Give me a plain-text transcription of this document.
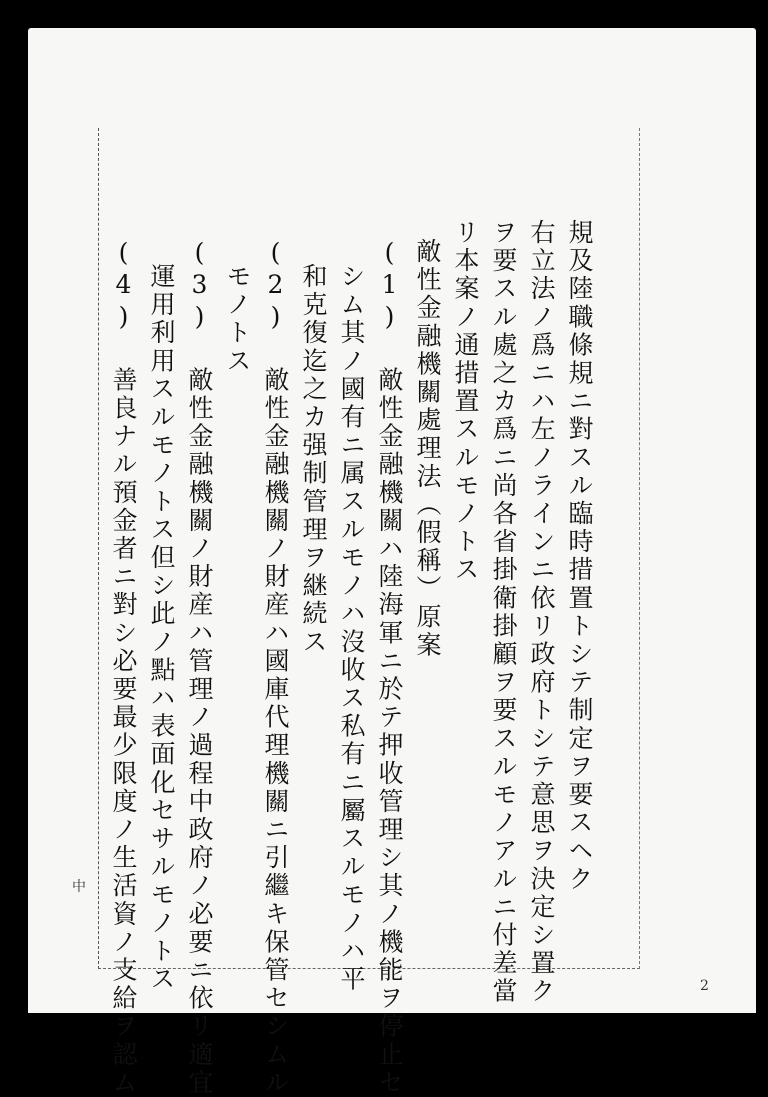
規及陸職條規ニ對スル臨時措置トシテ制定ヲ要スヘク
右立法ノ爲ニハ左ノラインニ依リ政府トシテ意思ヲ決定シ置ク
ヲ要スル處之カ爲ニ尚各省掛衛掛顧ヲ要スルモノアルニ付差當
リ本案ノ通措置スルモノトス
敵性金融機關處理法（假稱）原案
(1) 敵性金融機關ハ陸海軍ニ於テ押收管理シ其ノ機能ヲ停止セ
シム其ノ國有ニ属スルモノハ沒收ス私有ニ屬スルモノハ平
和克復迄之カ强制管理ヲ継続ス
(2) 敵性金融機關ノ財産ハ國庫代理機關ニ引繼キ保管セシムル
モノトス
(3) 敵性金融機關ノ財産ハ管理ノ過程中政府ノ必要ニ依リ適宜
運用利用スルモノトス但シ此ノ點ハ表面化セサルモノトス
(4) 善良ナル預金者ニ對シ必要最少限度ノ生活資ノ支給ヲ認ム
中
2
